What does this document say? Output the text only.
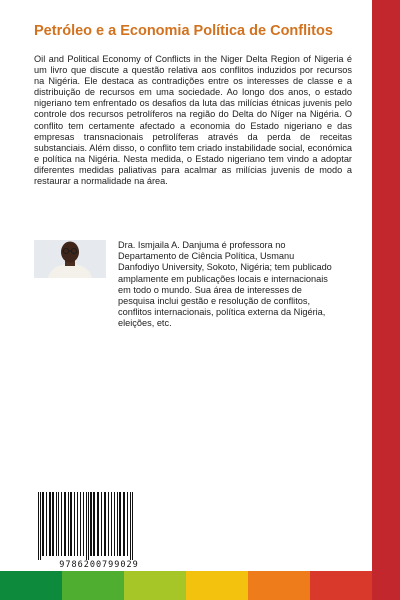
Petróleo e a Economia Política de Conflitos

Oil and Political Economy of Conflicts in the Niger Delta Region of Nigeria é um livro que discute a questão relativa aos conflitos induzidos por recursos na Nigéria. Ele destaca as contradições entre os interesses de classe e a distribuição de recursos em uma sociedade. Ao longo dos anos, o estado nigeriano tem enfrentado os desafios da luta das milícias étnicas juvenis pelo controle dos recursos petrolíferos na região do Delta do Níger na Nigéria. O conflito tem certamente afectado a economia do Estado nigeriano e das empresas transnacionais petrolíferas através da perda de receitas substanciais. Além disso, o conflito tem criado instabilidade social, económica e política na Nigéria. Nesta medida, o Estado nigeriano tem vindo a adoptar diferentes medidas paliativas para acalmar as milícias juvenis de modo a restaurar a normalidade na área.

Dra. Ismjaila A. Danjuma é professora no Departamento de Ciência Política, Usmanu Danfodiyo University, Sokoto, Nigéria; tem publicado amplamente em publicações locais e internacionais em todo o mundo. Sua área de interesses de pesquisa inclui gestão e resolução de conflitos, conflitos internacionais, política externa da Nigéria, eleições, etc.

9786200799029
